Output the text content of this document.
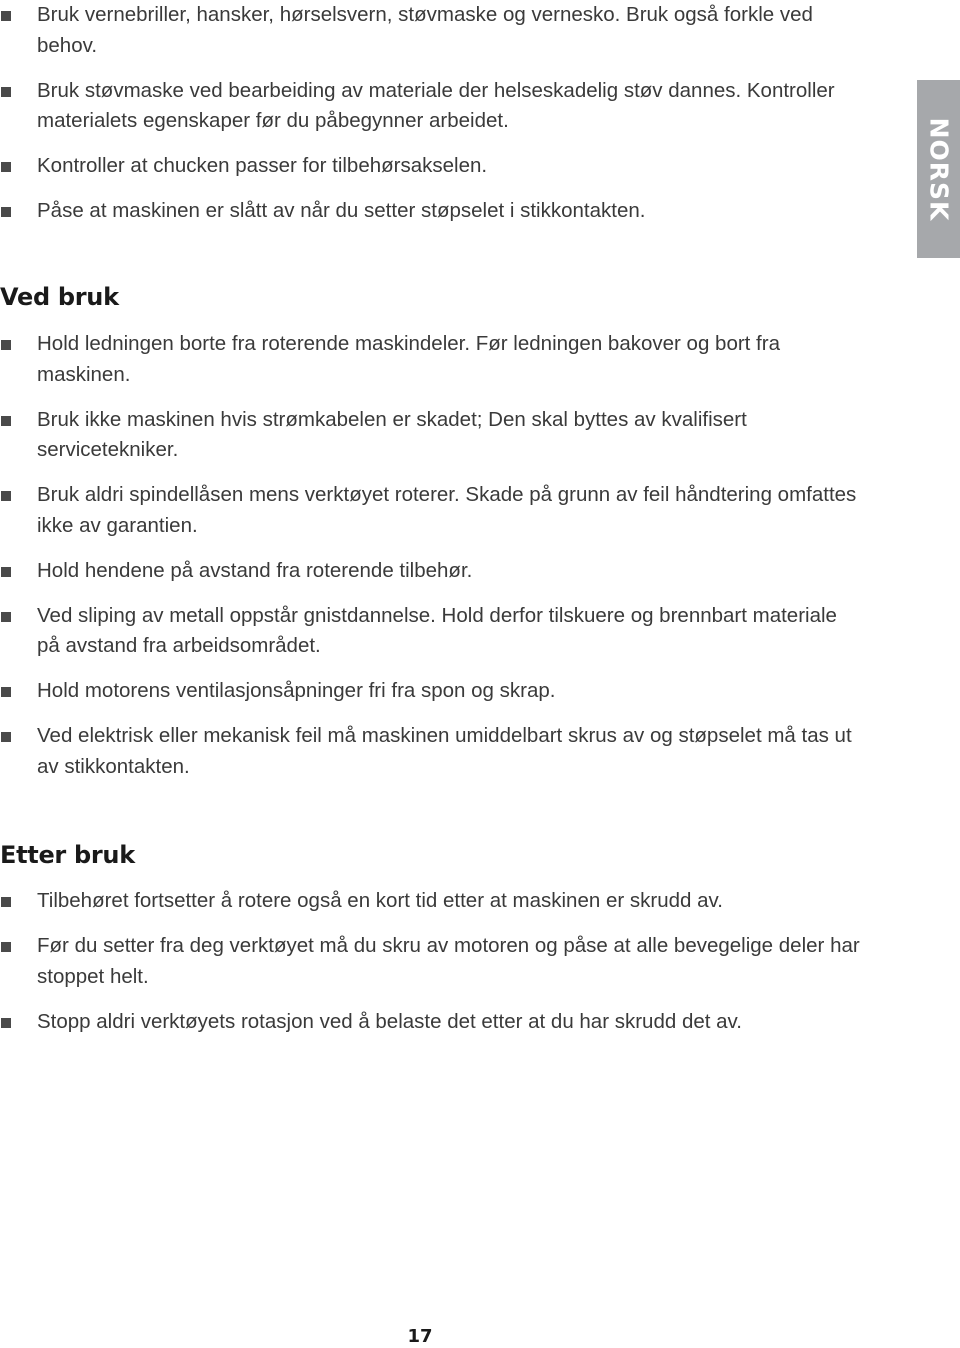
NORSK
Bruk vernebriller, hansker, hørselsvern, støvmaske og vernesko. Bruk også forkle ved behov.
Bruk støvmaske ved bearbeiding av materiale der helseskadelig støv dannes. Kontroller materialets egenskaper før du påbegynner arbeidet.
Kontroller at chucken passer for tilbehørsakselen.
Påse at maskinen er slått av når du setter støpselet i stikkontakten.
Ved bruk
Hold ledningen borte fra roterende maskindeler. Før ledningen bakover og bort fra maskinen.
Bruk ikke maskinen hvis strømkabelen er skadet; Den skal byttes av kvalifisert servicetekniker.
Bruk aldri spindellåsen mens verktøyet roterer. Skade på grunn av feil håndtering omfattes ikke av garantien.
Hold hendene på avstand fra roterende tilbehør.
Ved sliping av metall oppstår gnistdannelse. Hold derfor tilskuere og brennbart materiale på avstand fra arbeidsområdet.
Hold motorens ventilasjonsåpninger fri fra spon og skrap.
Ved elektrisk eller mekanisk feil må maskinen umiddelbart skrus av og støpselet må tas ut av stikkontakten.
Etter bruk
Tilbehøret fortsetter å rotere også en kort tid etter at maskinen er skrudd av.
Før du setter fra deg verktøyet må du skru av motoren og påse at alle bevegelige deler har stoppet helt.
Stopp aldri verktøyets rotasjon ved å belaste det etter at du har skrudd det av.
17
